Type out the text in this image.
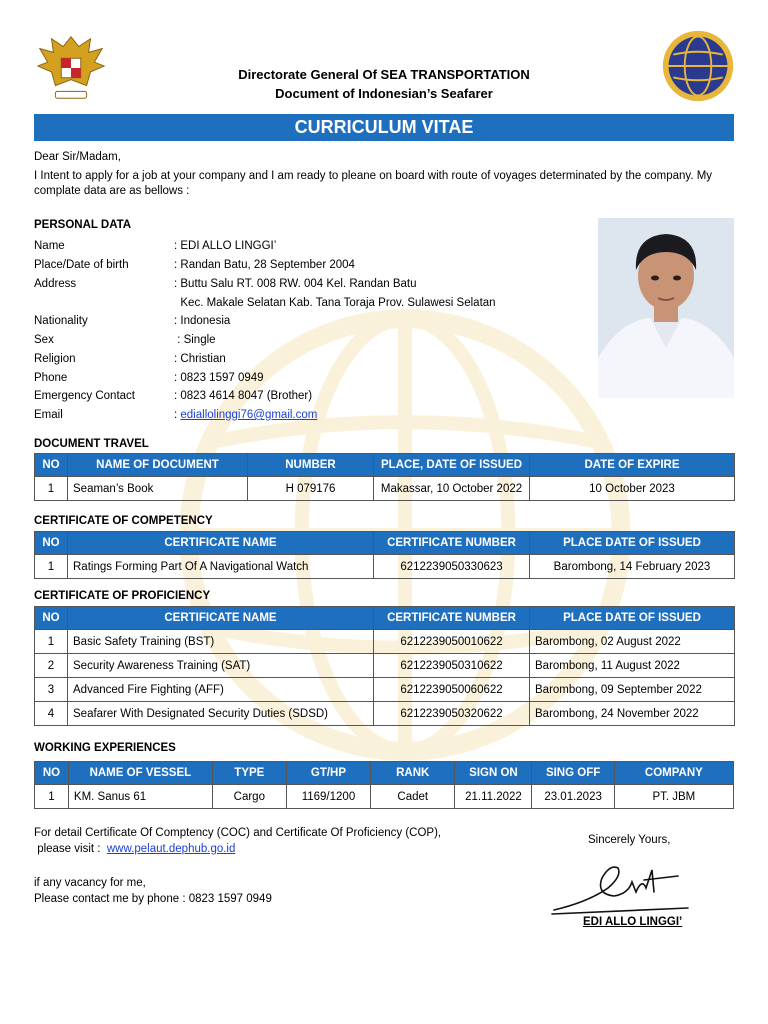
Directorate General Of SEA TRANSPORTATION
Document of Indonesian’s Seafarer
CURRICULUM VITAE
Dear Sir/Madam,
I Intent to apply for a job at your company and I am ready to pleane on board with route of voyages determinated by the company. My complate data are as bellows :
PERSONAL DATA
Name	: EDI ALLO LINGGI’
Place/Date of birth	: Randan Batu, 28 September 2004
Address	: Buttu Salu RT. 008 RW. 004 Kel. Randan Batu
Kec. Makale Selatan Kab. Tana Toraja Prov. Sulawesi Selatan
Nationality	: Indonesia
Sex	: Single
Religion	: Christian
Phone	: 0823 1597 0949
Emergency Contact	: 0823 4614 8047 (Brother)
Email	: ediallolinggi76@gmail.com
DOCUMENT TRAVEL
NO	NAME OF DOCUMENT	NUMBER	PLACE, DATE OF ISSUED	DATE OF EXPIRE
1	Seaman’s Book	H 079176	Makassar, 10 October 2022	10 October 2023
CERTIFICATE OF COMPETENCY
NO	CERTIFICATE NAME	CERTIFICATE NUMBER	PLACE DATE OF ISSUED
1	Ratings Forming Part Of A Navigational Watch	6212239050330623	Barombong, 14 February 2023
CERTIFICATE OF PROFICIENCY
NO	CERTIFICATE NAME	CERTIFICATE NUMBER	PLACE DATE OF ISSUED
1	Basic Safety Training (BST)	6212239050010622	Barombong, 02 August 2022
2	Security Awareness Training (SAT)	6212239050310622	Barombong, 11 August 2022
3	Advanced Fire Fighting (AFF)	6212239050060622	Barombong, 09 September 2022
4	Seafarer With Designated Security Duties (SDSD)	6212239050320622	Barombong, 24 November 2022
WORKING EXPERIENCES
NO	NAME OF VESSEL	TYPE	GT/HP	RANK	SIGN ON	SING OFF	COMPANY
1	KM. Sanus 61	Cargo	1169/1200	Cadet	21.11.2022	23.01.2023	PT. JBM
For detail Certificate Of Comptency (COC) and Certificate Of Proficiency (COP),
please visit :  www.pelaut.dephub.go.id
if any vacancy for me,
Please contact me by phone : 0823 1597 0949
Sincerely Yours,
EDI ALLO LINGGI’
